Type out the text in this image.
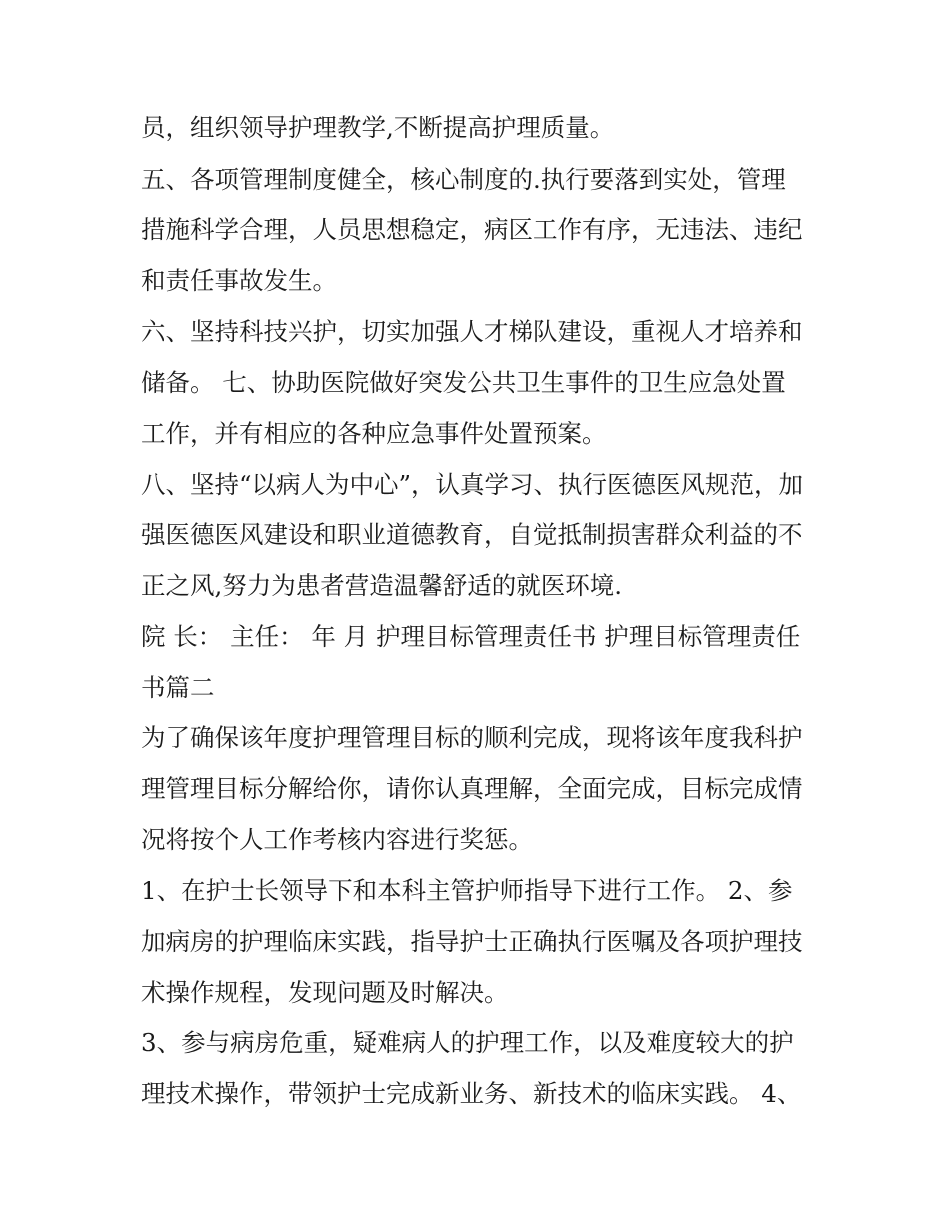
员，组织领导护理教学,不断提高护理质量。
五、各项管理制度健全，核心制度的.执行要落到实处，管理
措施科学合理，人员思想稳定，病区工作有序，无违法、违纪
和责任事故发生。
六、坚持科技兴护，切实加强人才梯队建设，重视人才培养和
储备。 七、协助医院做好突发公共卫生事件的卫生应急处置
工作，并有相应的各种应急事件处置预案。
八、坚持“以病人为中心”，认真学习、执行医德医风规范，加
强医德医风建设和职业道德教育，自觉抵制损害群众利益的不
正之风,努力为患者营造温馨舒适的就医环境.
院 长： 主任： 年 月 护理目标管理责任书 护理目标管理责任
书篇二
为了确保该年度护理管理目标的顺利完成，现将该年度我科护
理管理目标分解给你，请你认真理解，全面完成，目标完成情
况将按个人工作考核内容进行奖惩。
1、在护士长领导下和本科主管护师指导下进行工作。 2、参
加病房的护理临床实践，指导护士正确执行医嘱及各项护理技
术操作规程，发现问题及时解决。
3、参与病房危重，疑难病人的护理工作，以及难度较大的护
理技术操作，带领护士完成新业务、新技术的临床实践。 4、
